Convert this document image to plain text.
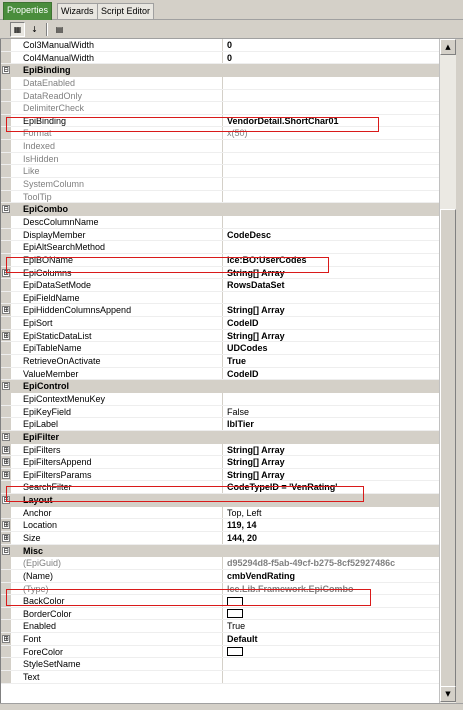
Properties	Wizards Script Editor
▦	↓	▤
Col3ManualWidth	0
Col4ManualWidth	0
⊟ EpiBinding
DataEnabled
DataReadOnly
DelimiterCheck
EpiBinding	VendorDetail.ShortChar01
Format	x(50)
Indexed
IsHidden
Like
SystemColumn
ToolTip
⊟ EpiCombo
DescColumnName
DisplayMember	CodeDesc
EpiAltSearchMethod
EpiBOName	Ice:BO:UserCodes
⊞ EpiColumns	String[] Array
EpiDataSetMode	RowsDataSet
EpiFieldName
⊞ EpiHiddenColumnsAppend	String[] Array
EpiSort	CodeID
⊞ EpiStaticDataList	String[] Array
EpiTableName	UDCodes
RetrieveOnActivate	True
ValueMember	CodeID
⊟ EpiControl
EpiContextMenuKey
EpiKeyField	False
EpiLabel	lblTier
⊟ EpiFilter
⊞ EpiFilters	String[] Array
⊞ EpiFiltersAppend	String[] Array
⊞ EpiFiltersParams	String[] Array
SearchFilter	CodeTypeID = 'VenRating'
⊟ Layout
Anchor	Top, Left
⊞ Location	119, 14
⊞ Size	144, 20
⊟ Misc
(EpiGuid)	d95294d8-f5ab-49cf-b275-8cf52927486c
(Name)	cmbVendRating
(Type)	Ice.Lib.Framework.EpiCombo
BackColor
BorderColor
Enabled	True
⊞ Font	Default
ForeColor
StyleSetName
Text
▲
▼
